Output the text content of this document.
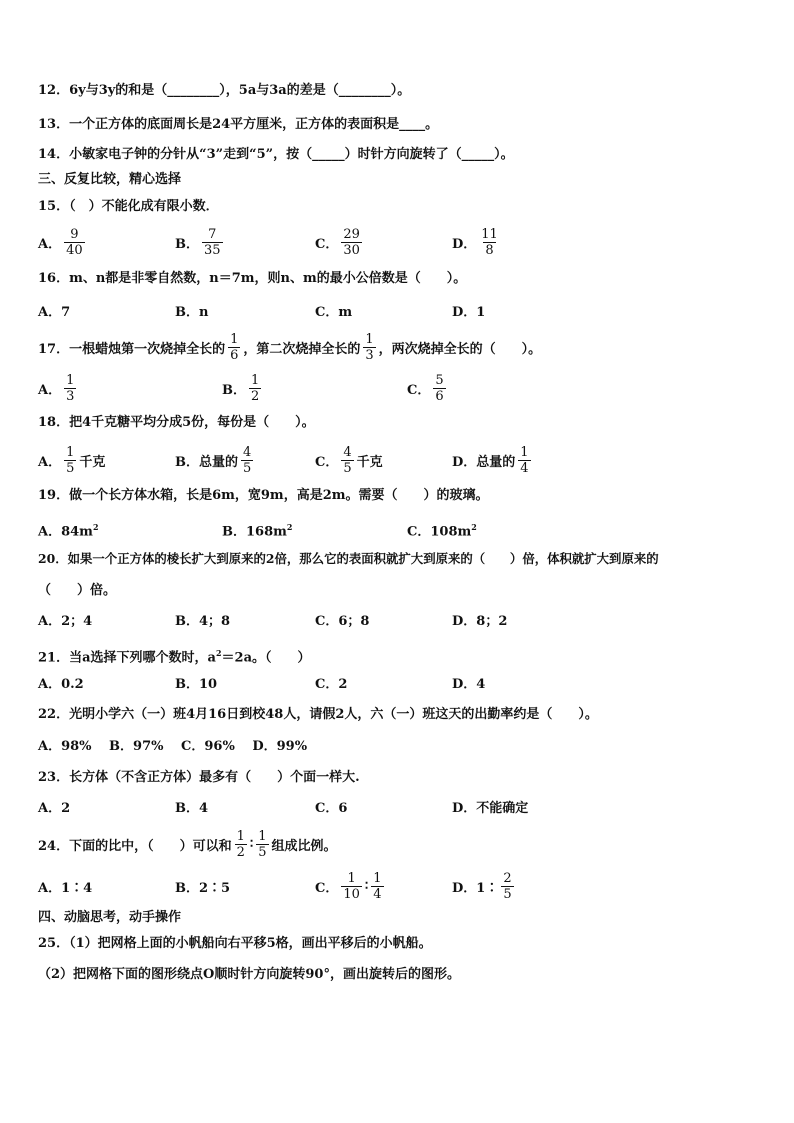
12．6y与3y的和是（________），5a与3a的差是（________）。
13．一个正方体的底面周长是24平方厘米，正方体的表面积是____。
14．小敏家电子钟的分针从“3”走到“5”，按（_____）时针方向旋转了（_____）。
三、反复比较，精心选择
15．（　）不能化成有限小数．
A． $\frac{9}{40}$	B． $\frac{7}{35}$	C． $\frac{29}{30}$	D． $\frac{11}{8}$
16．m、n都是非零自然数，n＝7m，则n、m的最小公倍数是（　　）。
A．7	B．n	C．m	D．1
17．一根蜡烛第一次烧掉全长的 $\frac{1}{6}$ ，第二次烧掉全长的 $\frac{1}{3}$ ，两次烧掉全长的（　　）。
A． $\frac{1}{3}$	B． $\frac{1}{2}$	C． $\frac{5}{6}$
18．把4千克糖平均分成5份，每份是（　　）。
A． $\frac{1}{5}$ 千克	B．总量的 $\frac{4}{5}$	C． $\frac{4}{5}$ 千克	D．总量的 $\frac{1}{4}$
19．做一个长方体水箱，长是6m，宽9m，高是2m。需要（　　）的玻璃。
A．$84m^2$	B．$168m^2$	C．$108m^2$
20．如果一个正方体的棱长扩大到原来的2倍，那么它的表面积就扩大到原来的（　　）倍，体积就扩大到原来的
（　　）倍。
A．2；4	B．4；8	C．6；8	D．8；2
21．当a选择下列哪个数时，$a^2=2a$。（　　）
A．0.2	B．10	C．2	D．4
22．光明小学六（一）班4月16日到校48人，请假2人，六（一）班这天的出勤率约是（　　）。
A．98%　 B．97%　 C．96%　 D．99%
23．长方体（不含正方体）最多有（　　）个面一样大.
A．2	B．4	C．6	D．不能确定
24．下面的比中，（　　）可以和 $\frac{1}{2}$ ∶ $\frac{1}{5}$ 组成比例。
A．1∶4	B．2∶5	C． $\frac{1}{10}$ ∶ $\frac{1}{4}$	D．1∶ $\frac{2}{5}$
四、动脑思考，动手操作
25．（1）把网格上面的小帆船向右平移5格，画出平移后的小帆船。
（2）把网格下面的图形绕点O顺时针方向旋转90°，画出旋转后的图形。
